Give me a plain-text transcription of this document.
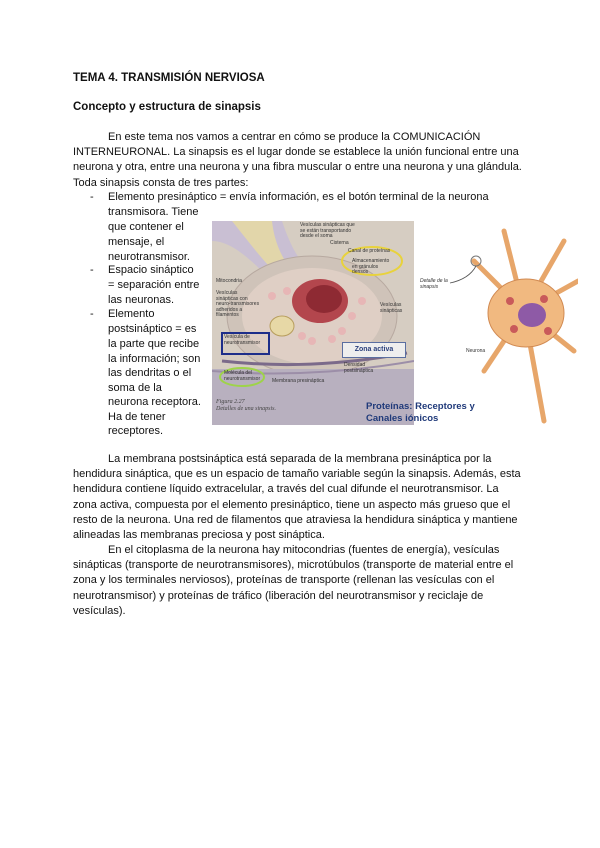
TEMA 4. TRANSMISIÓN NERVIOSA
Concepto y estructura de sinapsis

En este tema nos vamos a centrar en cómo se produce la COMUNICACIÓN
INTERNEURONAL. La sinapsis es el lugar donde se establece la unión funcional entre una
neurona y otra, entre una neurona y una fibra muscular o entre una neurona y una glándula.
Toda sinapsis consta de tres partes:

- Elemento presináptico = envía información, es el botón terminal de la neurona
transmisora. Tiene
que contener el
mensaje, el
neurotransmisor.
- Espacio sináptico
= separación entre
las neuronas.
- Elemento
postsináptico = es
la parte que recibe
la información; son
las dendritas o el
soma de la
neurona receptora.
Ha de tener
receptores.
Vesículas sinápticas que se están transportando desde el soma
Cisterna
Canal de proteínas
Almacenamiento en gránulos densos
Mitocondria
Vesículas sinápticas con neuro-transmisores adheridos a filamentos
Vesículas sinápticas
Vesícula de neurotransmisor
Molécula del neurotransmisor	Membrana presináptica
Densidad postsináptica
Zona activa
Figura 2.27
Detalles de una sinapsis.
Detalle de la sinapsis
Neurona
Proteínas: Receptores y
Canales iónicos

La membrana postsináptica está separada de la membrana presináptica por la
hendidura sináptica, que es un espacio de tamaño variable según la sinapsis. Además, esta
hendidura contiene líquido extracelular, a través del cual difunde el neurotransmisor. La
zona activa, compuesta por el elemento presináptico, tiene un aspecto más grueso que el
resto de la neurona. Una red de filamentos que atraviesa la hendidura sináptica y mantiene
alineadas las membranas preciosa y post sináptica.

En el citoplasma de la neurona hay mitocondrias (fuentes de energía), vesículas
sinápticas (transporte de neurotransmisores), microtúbulos (transporte de material entre el
zona y los terminales nerviosos), proteínas de transporte (rellenan las vesículas con el
neurotransmisor) y proteínas de tráfico (liberación del neurotransmisor y reciclaje de
vesículas).
